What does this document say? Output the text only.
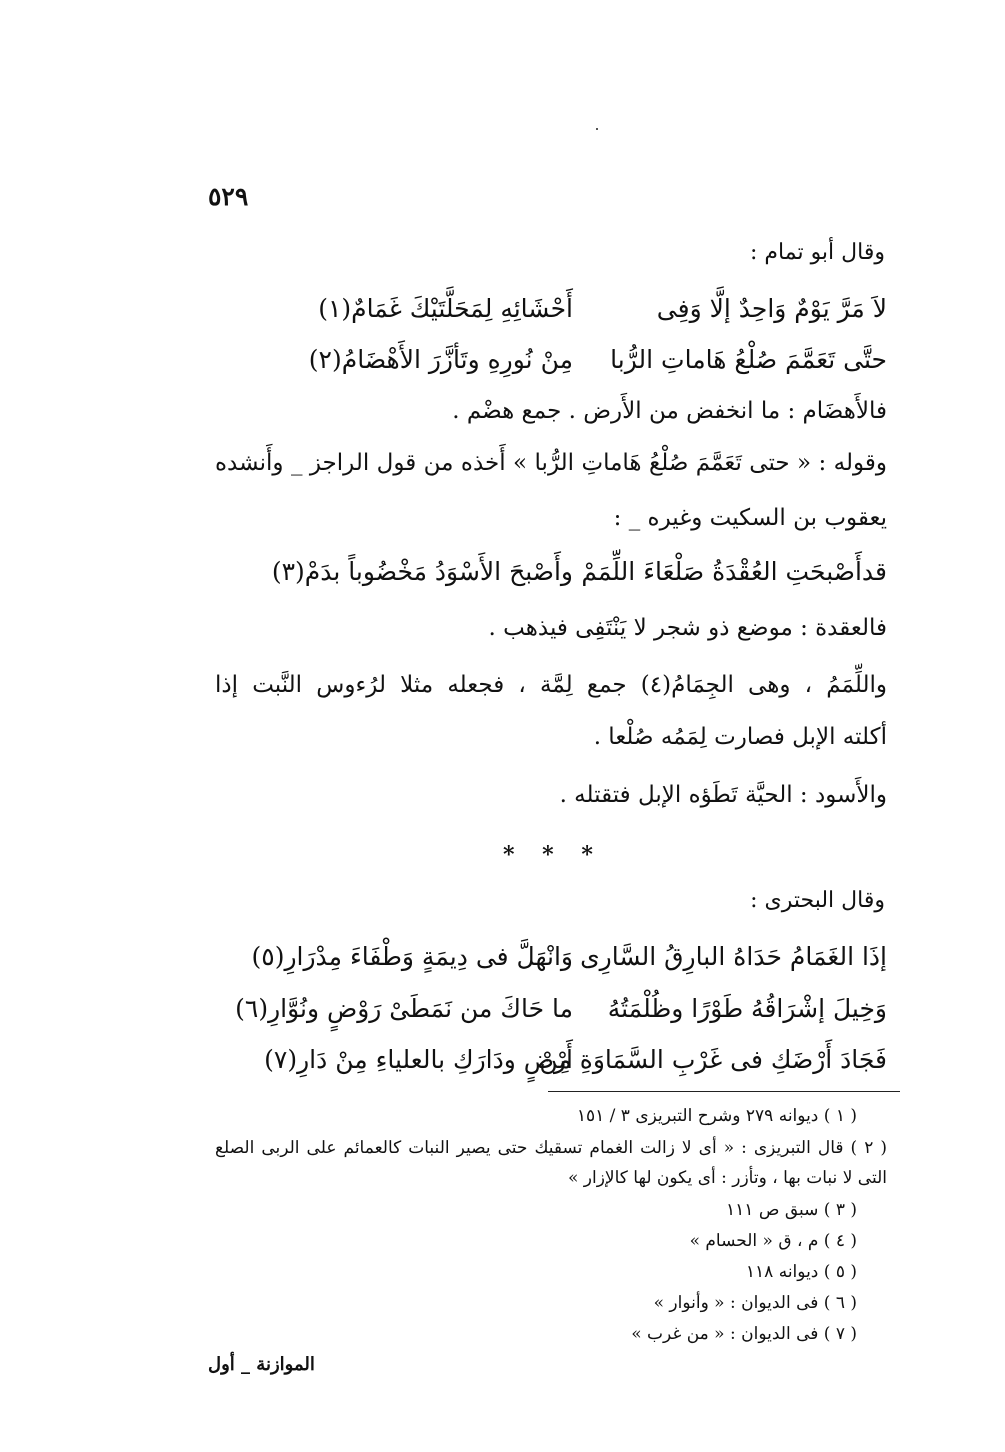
٥٢٩
وقال أبو تمام :
لاَ مَرَّ يَوْمٌ وَاحِدٌ إلَّا وَفِى
أَحْشَائِهِ لِمَحَلَّتَيْكَ غَمَامٌ(١)
حتَّى تَعَمَّمَ صُلْعُ هَاماتِ الرُّبا
مِنْ نُورِهِ وتَأزَّرَ الأَهْضَامُ(٢)
فالأَهضَام : ما انخفض من الأَرض . جمع هضْم .
وقوله : « حتى تَعَمَّمَ صُلْعُ هَاماتِ الرُّبا » أَخذه من قول الراجز _ وأَنشده
يعقوب بن السكيت وغيره _ :
قدأَصْبحَتِ العُقْدَةُ صَلْعَاءَ اللِّمَمْ
وأَصْبحَ الأَسْوَدُ مَخْضُوباً بدَمْ(٣)
فالعقدة : موضع ذو شجر لا يَنْتَفِى فيذهب .
واللِّمَمُ ، وهى الجِمَامُ(٤) جمع لِمَّة ، فجعله مثلا لرُءوس النَّبت إذا
أكلته الإبل فصارت لِمَمُه صُلْعا .
والأَسود : الحيَّة تَطَؤه الإبل فتقتله .
* * *
وقال البحترى :
إذَا الغَمَامُ حَدَاهُ البارِقُ السَّارِى
وَانْهَلَّ فى دِيمَةٍ وَطْفَاءَ مِدْرَارِ(٥)
وَخِيلَ إشْرَاقُهُ طَوْرًا وظُلْمَتُهُ
ما حَاكَ من نَمَطَىْ رَوْضٍ ونُوَّارِ(٦)
فَجَادَ أَرْضَكِ فى غَرْبِ السَّمَاوَةِ مِنْ
أَرْضٍ ودَارَكِ بالعلياءِ مِنْ دَارِ(٧)
( ١ ) ديوانه ٢٧٩ وشرح التبريزى ٣ / ١٥١
( ٢ ) قال التبريزى : « أى لا زالت الغمام تسقيك حتى يصير النبات كالعمائم على الربى الصلع
التى لا نبات بها ، وتأزر : أى يكون لها كالإزار »
( ٣ ) سبق ص ١١١
( ٤ ) م ، ق « الحسام »
( ٥ ) ديوانه ١١٨
( ٦ ) فى الديوان : « وأنوار »
( ٧ ) فى الديوان : « من غرب »
الموازنة _ أول
